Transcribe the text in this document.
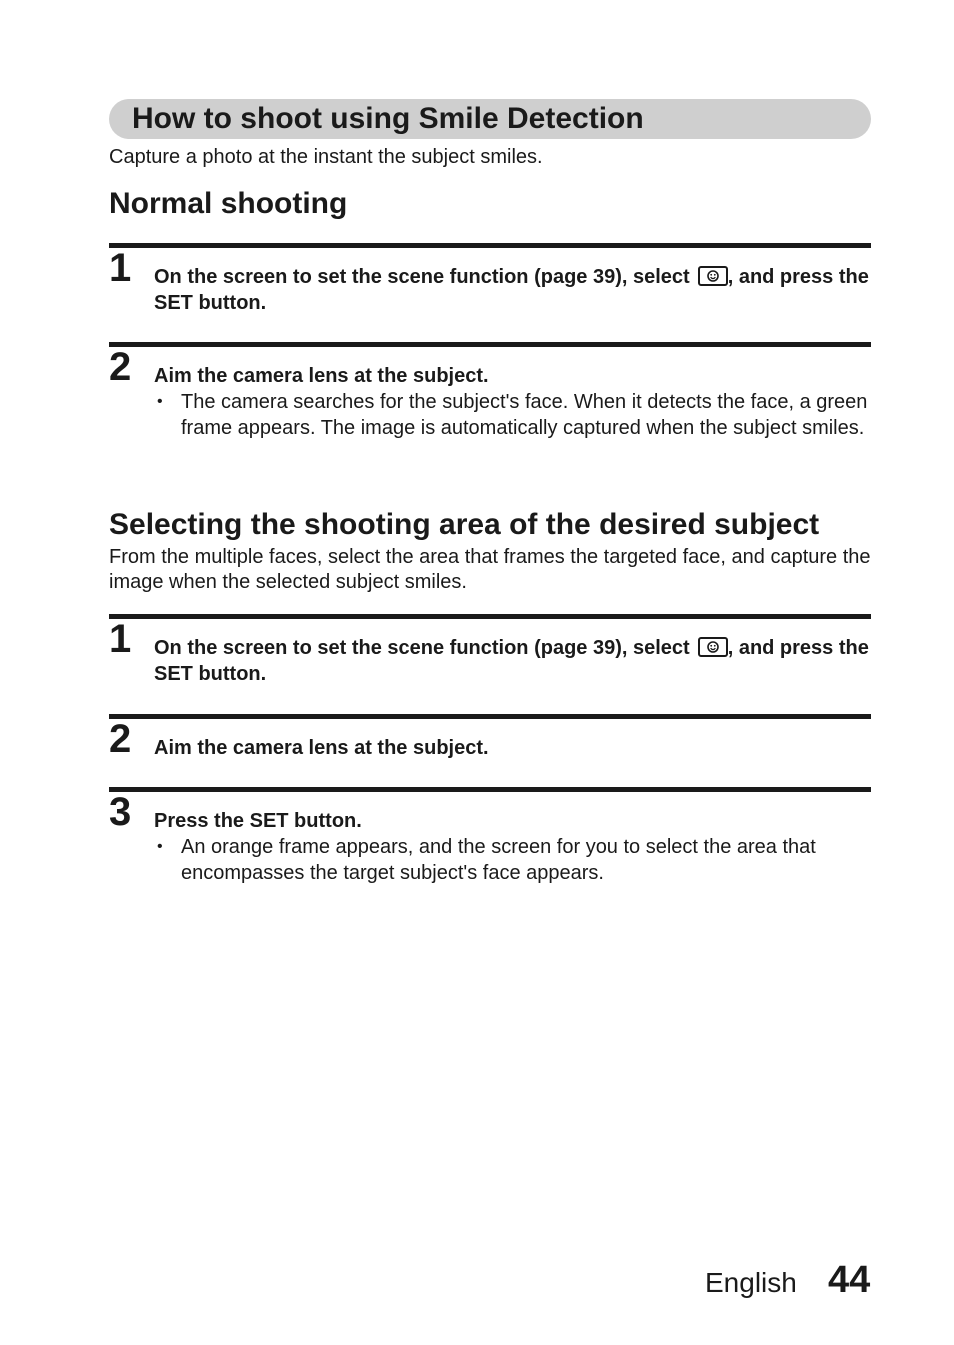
How to shoot using Smile Detection
Capture a photo at the instant the subject smiles.
Normal shooting
1	On the screen to set the scene function (page 39), select , and press the SET button.
2	Aim the camera lens at the subject.
• The camera searches for the subject's face. When it detects the face, a green frame appears. The image is automatically captured when the subject smiles.
Selecting the shooting area of the desired subject
From the multiple faces, select the area that frames the targeted face, and capture the image when the selected subject smiles.
1	On the screen to set the scene function (page 39), select , and press the SET button.
2	Aim the camera lens at the subject.
3	Press the SET button.
• An orange frame appears, and the screen for you to select the area that encompasses the target subject's face appears.
English 44
